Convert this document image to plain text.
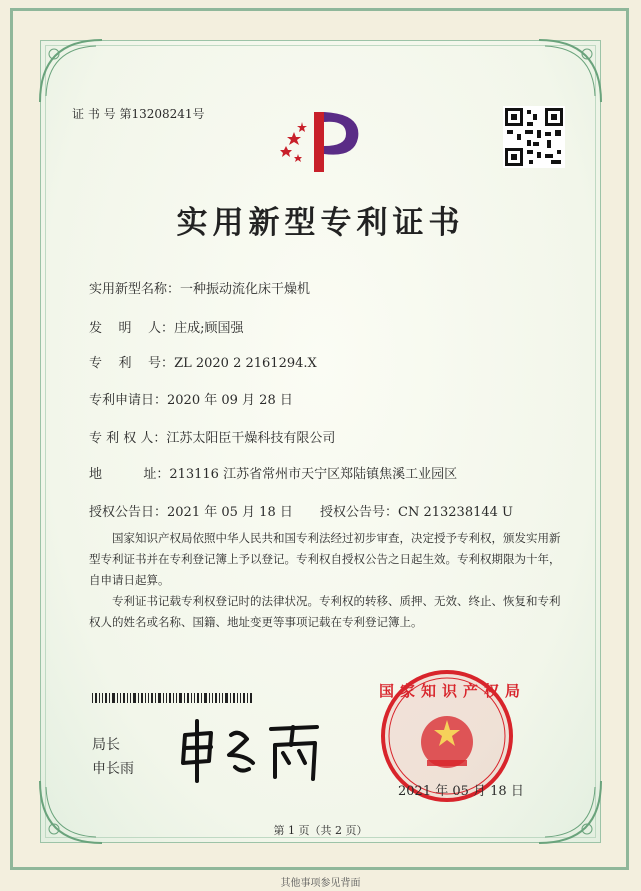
证 书 号 第13208241号
实用新型专利证书
实用新型名称：一种振动流化床干燥机
发    明    人：庄成;顾国强
专    利    号：ZL 2020 2 2161294.X
专利申请日：2020 年 09 月 28 日
专 利 权 人：江苏太阳臣干燥科技有限公司
地          址：213116 江苏省常州市天宁区郑陆镇焦溪工业园区
授权公告日：2021 年 05 月 18 日 授权公告号：CN 213238144 U
国家知识产权局依照中华人民共和国专利法经过初步审查，决定授予专利权，颁发实用新型专利证书并在专利登记簿上予以登记。专利权自授权公告之日起生效。专利权期限为十年，自申请日起算。
专利证书记载专利权登记时的法律状况。专利权的转移、质押、无效、终止、恢复和专利权人的姓名或名称、国籍、地址变更等事项记载在专利登记簿上。
局长
申长雨
国家知识产权局
2021 年 05 月 18 日
第 1 页（共 2 页）
其他事项参见背面
